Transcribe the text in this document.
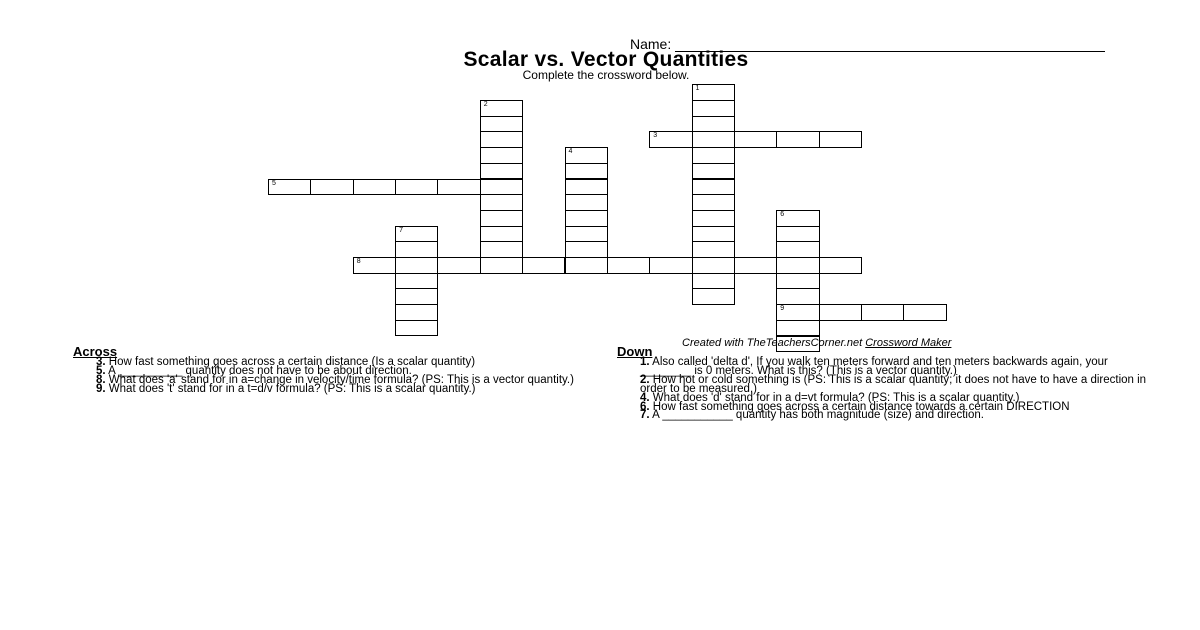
Name:
Scalar vs. Vector Quantities
Complete the crossword below.
1
2
3
4
5
6
9
7
8
Created with TheTeachersCorner.net Crossword Maker
Across
3. How fast something goes across a certain distance (Is a scalar quantity)
5. A __________ quantity does not have to be about direction.
8. What does 'a' stand for in a=change in velocity/time formula? (PS: This is a vector quantity.)
9. What does 't' stand for in a t=d/v formula? (PS: This is a scalar quantity.)
Down
1. Also called 'delta d', If you walk ten meters forward and ten meters backwards again, your ________ is 0 meters. What is this? (This is a vector quantity.)
2. How hot or cold something is (PS: This is a scalar quantity; it does not have to have a direction in order to be measured.)
4. What does 'd' stand for in a d=vt formula? (PS: This is a scalar quantity.)
6. How fast something goes across a certain distance towards a certain DIRECTION
7. A ___________ quantity has both magnitude (size) and direction.
